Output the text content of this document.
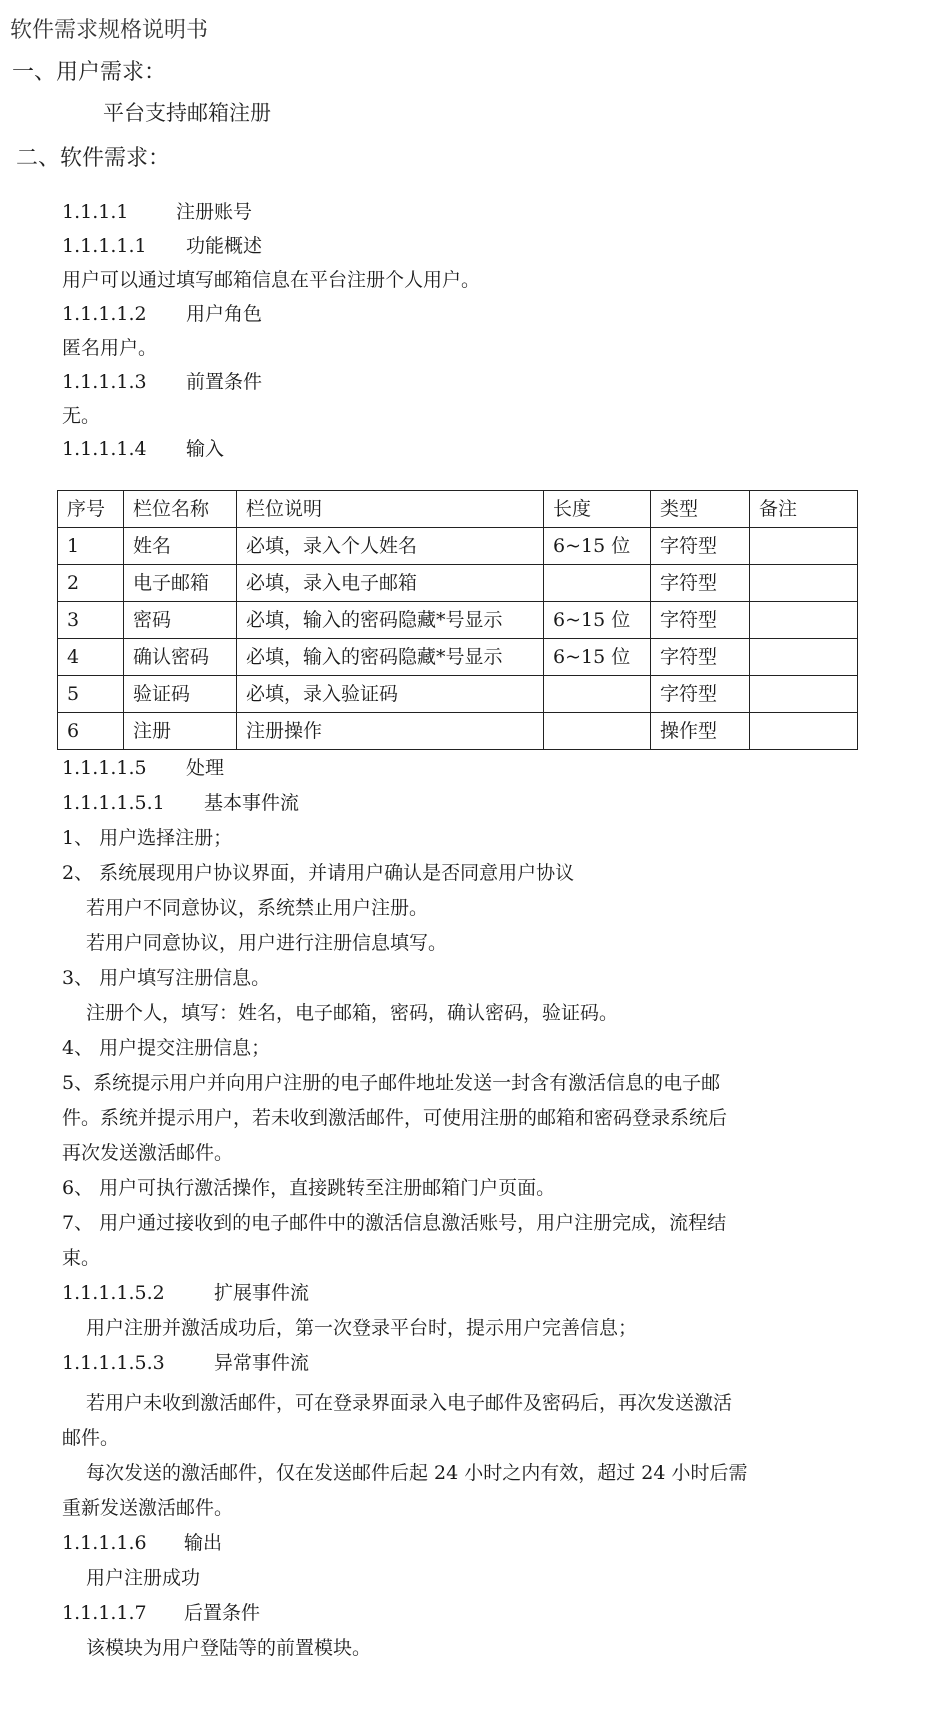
软件需求规格说明书
一、用户需求：
平台支持邮箱注册
二、软件需求：
1.1.1.1	注册账号
1.1.1.1.1 功能概述
用户可以通过填写邮箱信息在平台注册个人用户。
1.1.1.1.2 用户角色
匿名用户。
1.1.1.1.3 前置条件
无。
1.1.1.1.4 输入
序号	栏位名称	栏位说明	长度	类型	备注
1	姓名	必填，录入个人姓名	6~15 位	字符型	
2	电子邮箱	必填，录入电子邮箱		字符型	
3	密码	必填，输入的密码隐藏*号显示	6~15 位	字符型	
4	确认密码	必填，输入的密码隐藏*号显示	6~15 位	字符型	
5	验证码	必填，录入验证码		字符型	
6	注册	注册操作		操作型	
1.1.1.1.5 处理
1.1.1.1.5.1 基本事件流
1、 用户选择注册；
2、 系统展现用户协议界面，并请用户确认是否同意用户协议
若用户不同意协议，系统禁止用户注册。
若用户同意协议，用户进行注册信息填写。
3、 用户填写注册信息。
注册个人，填写：姓名，电子邮箱，密码，确认密码，验证码。
4、 用户提交注册信息；
5、系统提示用户并向用户注册的电子邮件地址发送一封含有激活信息的电子邮
件。系统并提示用户，若未收到激活邮件，可使用注册的邮箱和密码登录系统后
再次发送激活邮件。
6、 用户可执行激活操作，直接跳转至注册邮箱门户页面。
7、 用户通过接收到的电子邮件中的激活信息激活账号，用户注册完成，流程结
束。
1.1.1.1.5.2	扩展事件流
用户注册并激活成功后，第一次登录平台时，提示用户完善信息；
1.1.1.1.5.3	异常事件流
若用户未收到激活邮件，可在登录界面录入电子邮件及密码后，再次发送激活
邮件。
每次发送的激活邮件，仅在发送邮件后起 24 小时之内有效，超过 24 小时后需
重新发送激活邮件。
1.1.1.1.6 输出
用户注册成功
1.1.1.1.7 后置条件
该模块为用户登陆等的前置模块。
